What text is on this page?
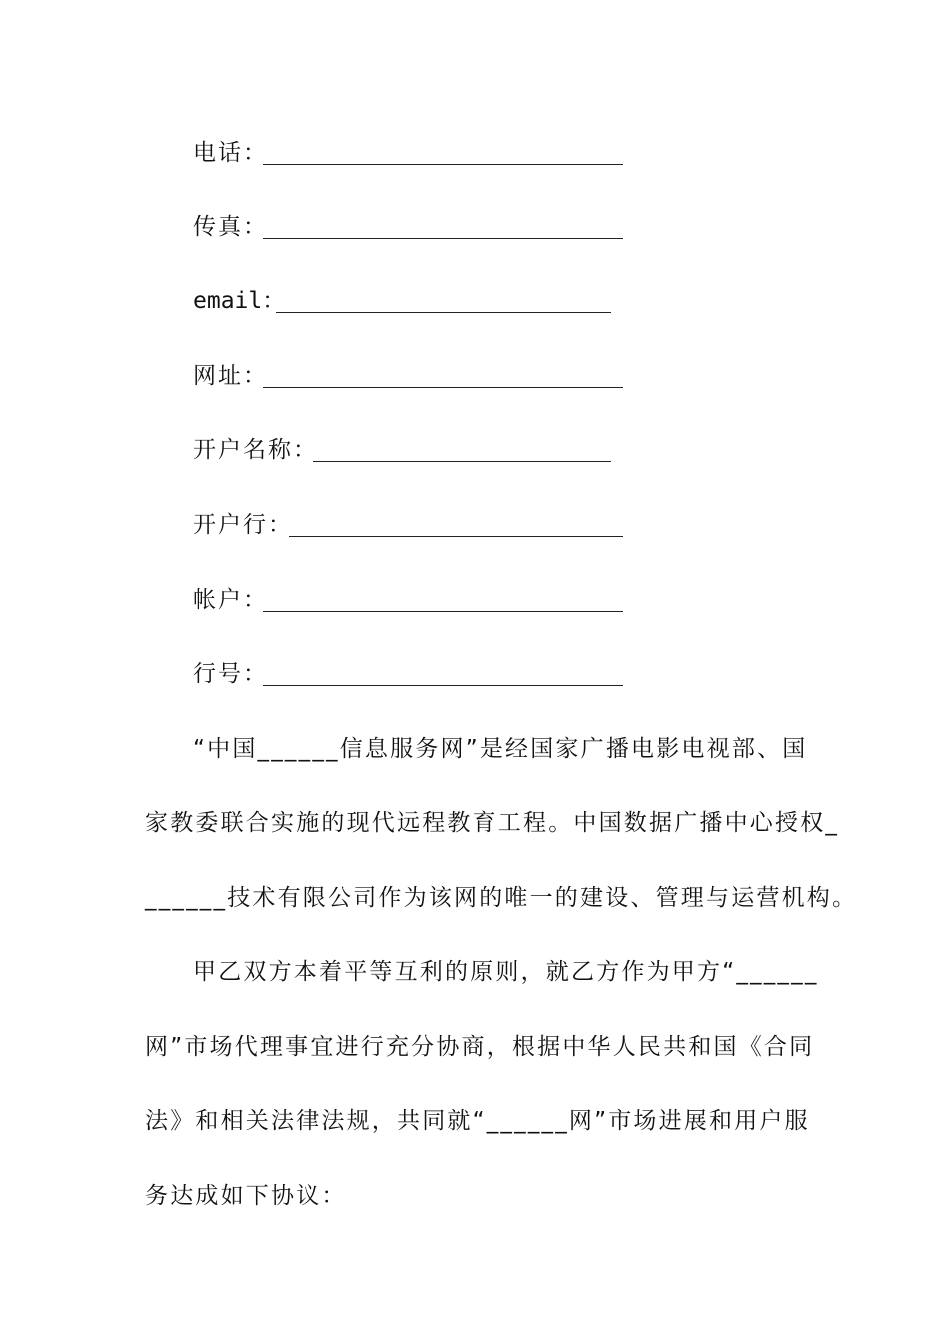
电话：
传真：
email：
网址：
开户名称：
开户行：
帐户：
行号：
“中国______信息服务网”是经国家广播电影电视部、国
家教委联合实施的现代远程教育工程。中国数据广播中心授权_
______技术有限公司作为该网的唯一的建设、管理与运营机构。
甲乙双方本着平等互利的原则，就乙方作为甲方“______
网”市场代理事宜进行充分协商，根据中华人民共和国《合同
法》和相关法律法规，共同就“______网”市场进展和用户服
务达成如下协议：
